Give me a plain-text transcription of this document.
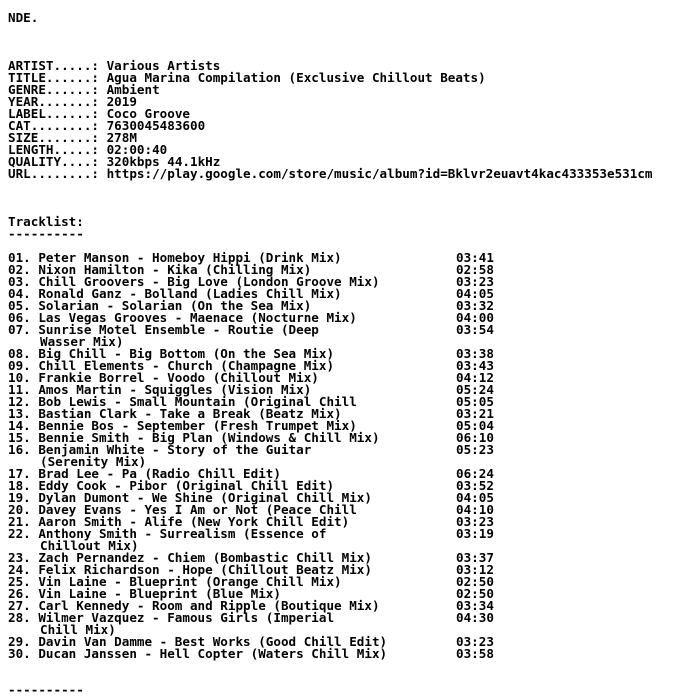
NDE.
ARTIST.....: Various Artists
TITLE......: Agua Marina Compilation (Exclusive Chillout Beats)
GENRE......: Ambient
YEAR.......: 2019
LABEL......: Coco Groove
CAT........: 7630045483600
SIZE.......: 278M
LENGTH.....: 02:00:40
QUALITY....: 320kbps 44.1kHz
URL........: https://play.google.com/store/music/album?id=Bklvr2euavt4kac433353e531cm
Tracklist:
----------
01. Peter Manson - Homeboy Hippi (Drink Mix)	03:41
02. Nixon Hamilton - Kika (Chilling Mix)	02:58
03. Chill Groovers - Big Love (London Groove Mix)	03:23
04. Ronald Ganz - Bolland (Ladies Chill Mix)	04:05
05. Solarian - Solarian (On the Sea Mix)	03:32
06. Las Vegas Grooves - Maenace (Nocturne Mix)	04:00
07. Sunrise Motel Ensemble - Routie (Deep	03:54
Wasser Mix)
08. Big Chill - Big Bottom (On the Sea Mix)	03:38
09. Chill Elements - Church (Champagne Mix)	03:43
10. Frankie Borrel - Voodo (Chillout Mix)	04:12
11. Amos Martin - Squiggles (Vision Mix)	05:24
12. Bob Lewis - Small Mountain (Original Chill	05:05
13. Bastian Clark - Take a Break (Beatz Mix)	03:21
14. Bennie Bos - September (Fresh Trumpet Mix)	05:04
15. Bennie Smith - Big Plan (Windows & Chill Mix)	06:10
16. Benjamin White - Story of the Guitar	05:23
(Serenity Mix)
17. Brad Lee - Pa (Radio Chill Edit)	06:24
18. Eddy Cook - Pibor (Original Chill Edit)	03:52
19. Dylan Dumont - We Shine (Original Chill Mix)	04:05
20. Davey Evans - Yes I Am or Not (Peace Chill	04:10
21. Aaron Smith - Alife (New York Chill Edit)	03:23
22. Anthony Smith - Surrealism (Essence of	03:19
Chillout Mix)
23. Zach Pernandez - Chiem (Bombastic Chill Mix)	03:37
24. Felix Richardson - Hope (Chillout Beatz Mix)	03:12
25. Vin Laine - Blueprint (Orange Chill Mix)	02:50
26. Vin Laine - Blueprint (Blue Mix)	02:50
27. Carl Kennedy - Room and Ripple (Boutique Mix)	03:34
28. Wilmer Vazquez - Famous Girls (Imperial	04:30
Chill Mix)
29. Davin Van Damme - Best Works (Good Chill Edit)	03:23
30. Ducan Janssen - Hell Copter (Waters Chill Mix)	03:58
----------
